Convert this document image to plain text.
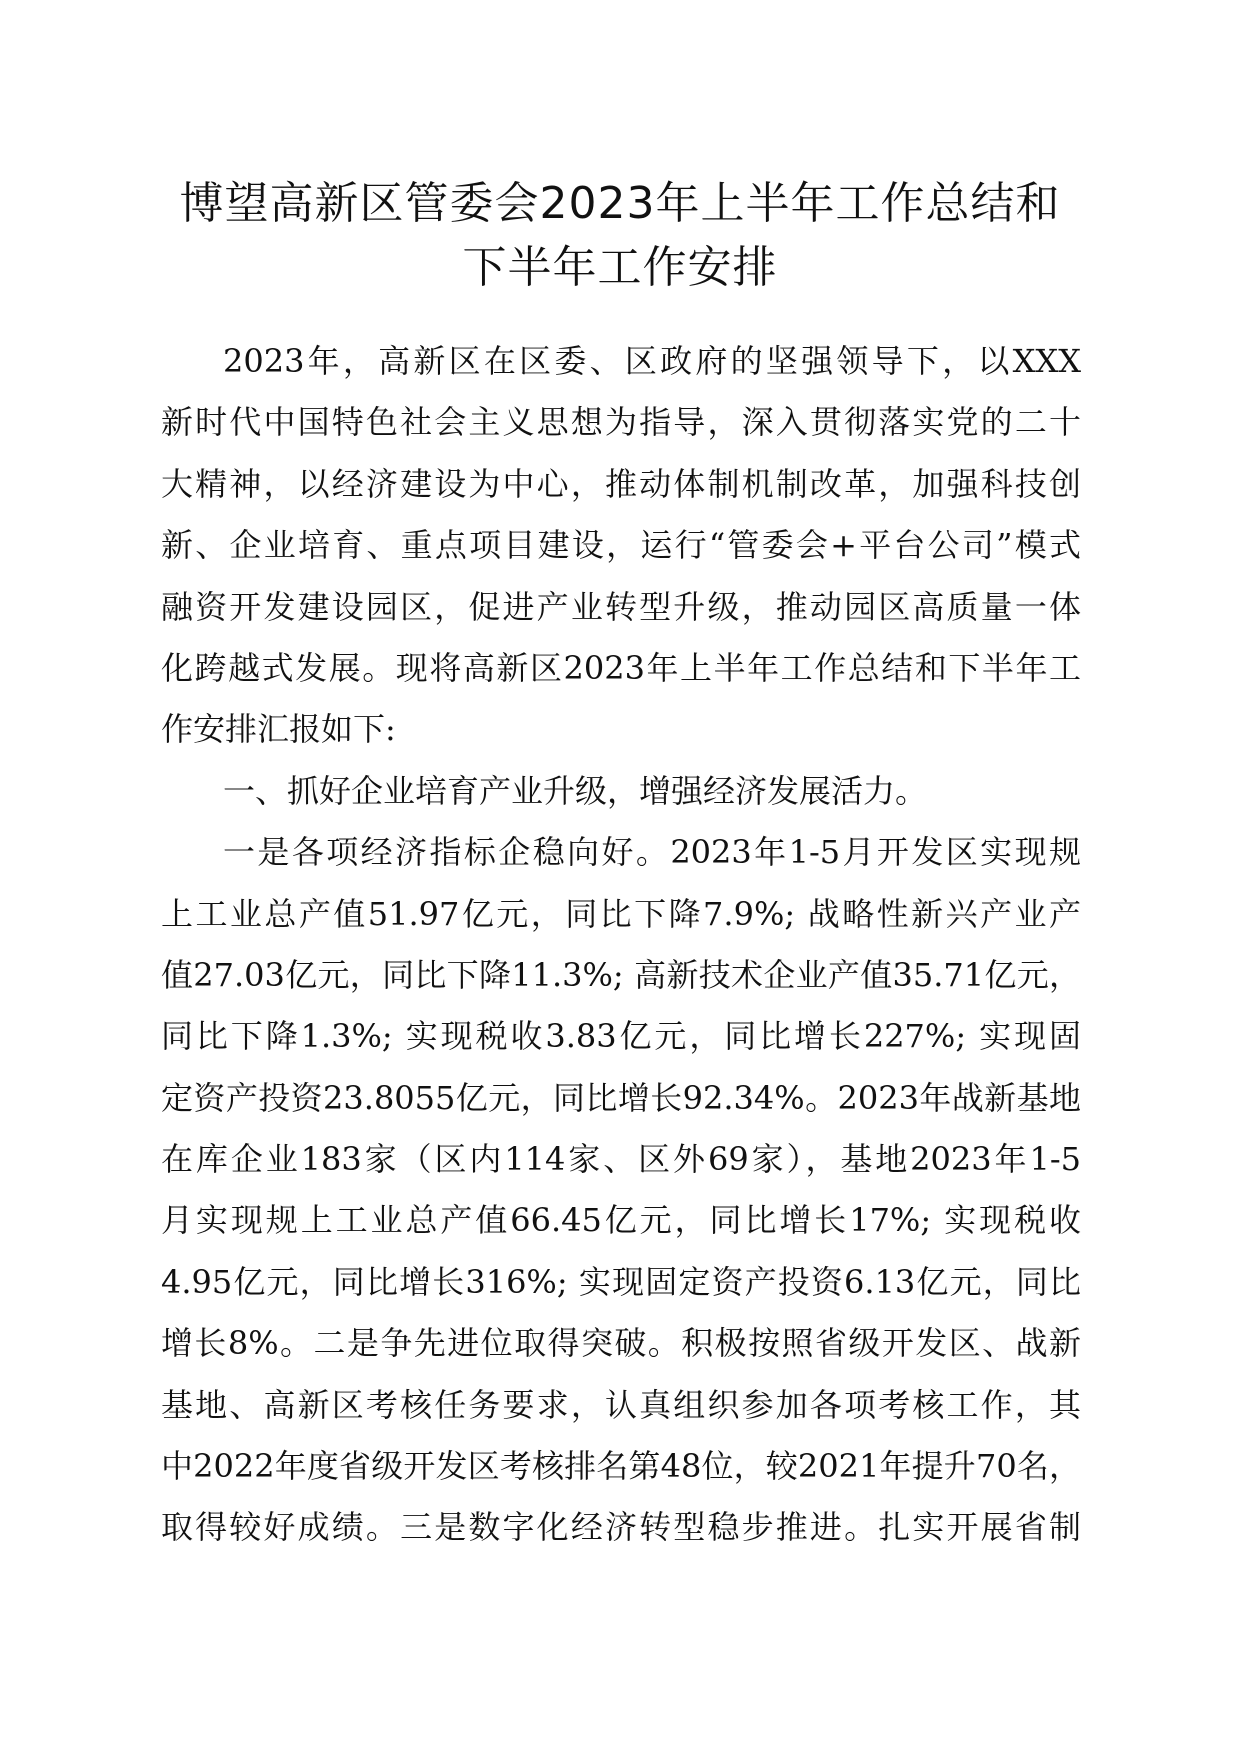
博望高新区管委会2023年上半年工作总结和
下半年工作安排
2023年，高新区在区委、区政府的坚强领导下，以XXX
新时代中国特色社会主义思想为指导，深入贯彻落实党的二十
大精神，以经济建设为中心，推动体制机制改革，加强科技创
新、企业培育、重点项目建设，运行“管委会+平台公司”模式
融资开发建设园区，促进产业转型升级，推动园区高质量一体
化跨越式发展。现将高新区2023年上半年工作总结和下半年工
作安排汇报如下:
一、抓好企业培育产业升级，增强经济发展活力。
一是各项经济指标企稳向好。2023年1-5月开发区实现规
上工业总产值51.97亿元，同比下降7.9%; 战略性新兴产业产
值27.03亿元，同比下降11.3%; 高新技术企业产值35.71亿元，
同比下降1.3%; 实现税收3.83亿元，同比增长227%; 实现固
定资产投资23.8055亿元，同比增长92.34%。2023年战新基地
在库企业183家（区内114家、区外69家），基地2023年1-5
月实现规上工业总产值66.45亿元，同比增长17%; 实现税收
4.95亿元，同比增长316%; 实现固定资产投资6.13亿元，同比
增长8%。二是争先进位取得突破。积极按照省级开发区、战新
基地、高新区考核任务要求，认真组织参加各项考核工作，其
中2022年度省级开发区考核排名第48位，较2021年提升70名，
取得较好成绩。三是数字化经济转型稳步推进。扎实开展省制
